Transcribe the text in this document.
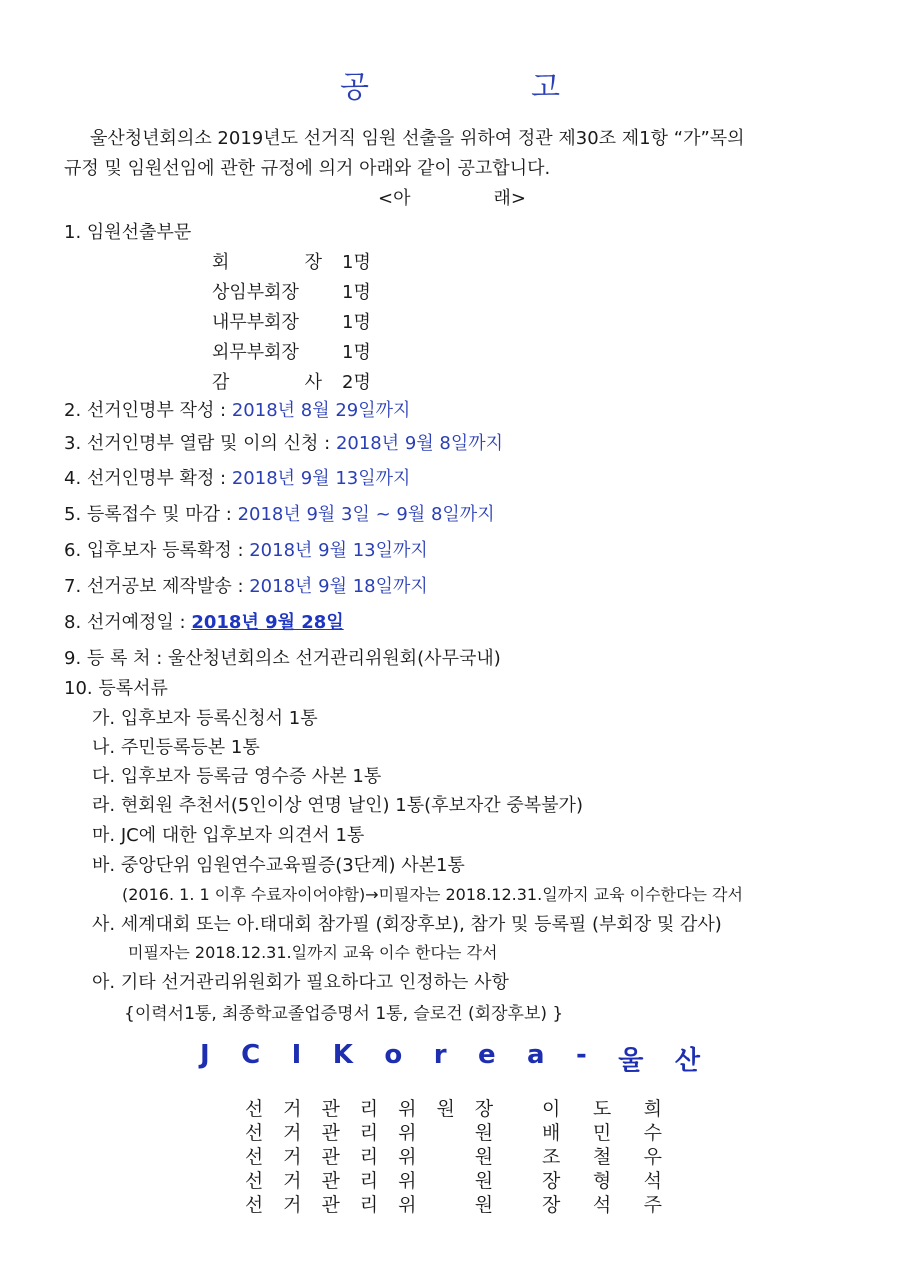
공	고
울산청년회의소 2019년도 선거직 임원 선출을 위하여 정관 제30조 제1항 “가”목의
규정 및 임원선임에 관한 규정에 의거 아래와 같이 공고합니다.
<아	래>
1. 임원선출부문
회	장 1명
상임부회장 1명
내무부회장 1명
외무부회장 1명
감	사 2명
2. 선거인명부 작성 : 2018년 8월 29일까지
3. 선거인명부 열람 및 이의 신청 : 2018년 9월 8일까지
4. 선거인명부 확정 : 2018년 9월 13일까지
5. 등록접수 및 마감 : 2018년 9월 3일 ~ 9월 8일까지
6. 입후보자 등록확정 : 2018년 9월 13일까지
7. 선거공보 제작발송 : 2018년 9월 18일까지
8. 선거예정일 : 2018년 9월 28일
9. 등 록 처 : 울산청년회의소 선거관리위원회(사무국내)
10. 등록서류
가. 입후보자 등록신청서 1통
나. 주민등록등본 1통
다. 입후보자 등록금 영수증 사본 1통
라. 현회원 추천서(5인이상 연명 날인) 1통(후보자간 중복불가)
마. JC에 대한 입후보자 의견서 1통
바. 중앙단위 임원연수교육필증(3단계) 사본1통
(2016. 1. 1 이후 수료자이어야함)→미필자는 2018.12.31.일까지 교육 이수한다는 각서
사. 세계대회 또는 아.태대회 참가필 (회장후보), 참가 및 등록필 (부회장 및 감사)
미필자는 2018.12.31.일까지 교육 이수 한다는 각서
아. 기타 선거관리위원회가 필요하다고 인정하는 사항
{이력서1통, 최종학교졸업증명서 1통, 슬로건 (회장후보) }
J C I K o r e a - 울 산
선 거 관 리 위 원 장	이 도 희
선 거 관 리 위	원	배 민 수
선 거 관 리 위	원	조 철 우
선 거 관 리 위	원	장 형 석
선 거 관 리 위	원	장 석 주
